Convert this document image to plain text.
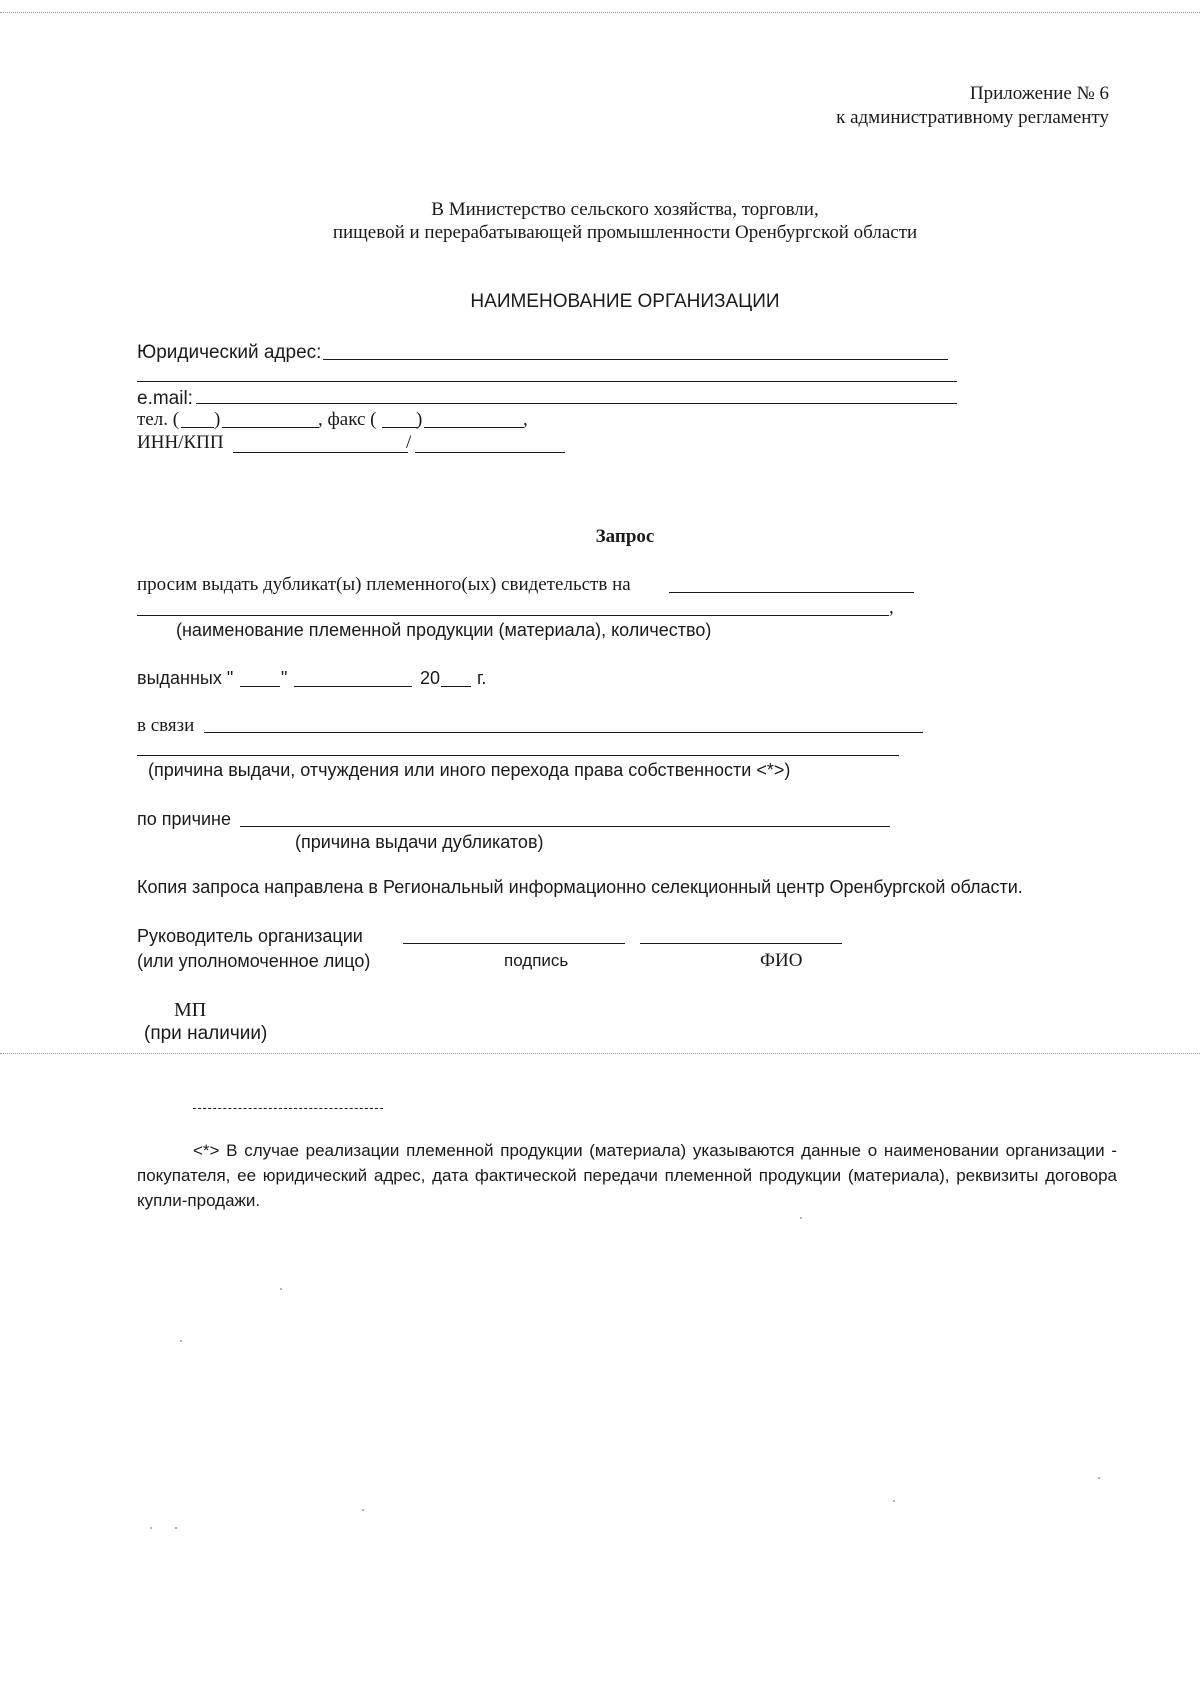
Приложение № 6
к административному регламенту
В Министерство сельского хозяйства, торговли,
пищевой и перерабатывающей промышленности Оренбургской области
НАИМЕНОВАНИЕ ОРГАНИЗАЦИИ
Юридический адрес:
e.mail:
тел. ( )	, факс ( )	,
ИНН/КПП	/
Запрос
просим выдать дубликат(ы) племенного(ых) свидетельств на
,
(наименование племенной продукции (материала), количество)
выданных "	"	20 г.
в связи
(причина выдачи, отчуждения или иного перехода права собственности <*>)
по причине
(причина выдачи дубликатов)
Копия запроса направлена в Региональный информационно селекционный центр Оренбургской области.
Руководитель организации
(или уполномоченное лицо)	подпись	ФИО
МП
(при наличии)
<*> В случае реализации племенной продукции (материала) указываются данные о наименовании организации - покупателя, ее юридический адрес, дата фактической передачи племенной продукции (материала), реквизиты договора купли-продажи.
